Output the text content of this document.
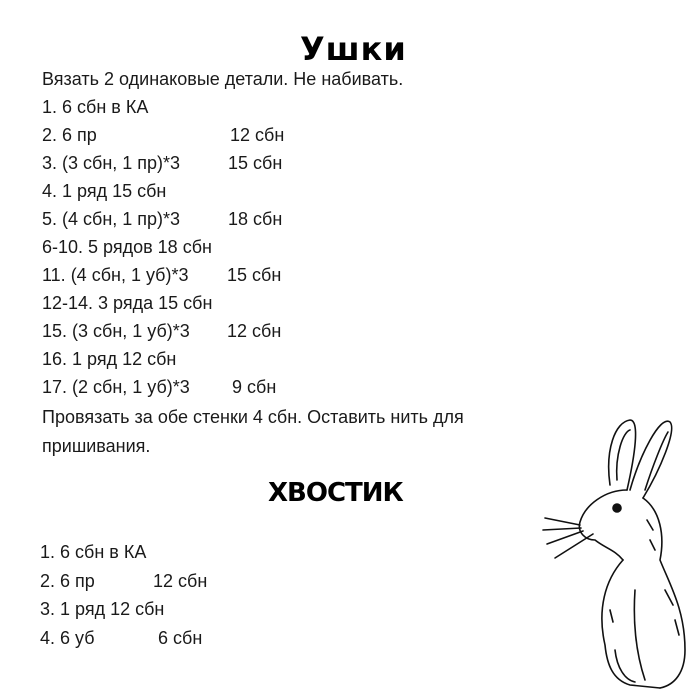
Ушки
Вязать 2 одинаковые детали. Не набивать.
1. 6 сбн в КА
2. 6 пр	12 сбн
3. (3 сбн, 1 пр)*3	15 сбн
4. 1 ряд 15 сбн
5. (4 сбн, 1 пр)*3	18 сбн
6-10. 5 рядов 18 сбн
11. (4 сбн, 1 уб)*3 15 сбн
12-14. 3 ряда 15 сбн
15. (3 сбн, 1 уб)*3 12 сбн
16. 1 ряд 12 сбн
17. (2 сбн, 1 уб)*3 9 сбн
Провязать за обе стенки 4 сбн. Оставить нить для
пришивания.
ХВОСТИК
1. 6 сбн в КА
2. 6 пр	12 сбн
3. 1 ряд 12 сбн
4. 6 уб	6 сбн
